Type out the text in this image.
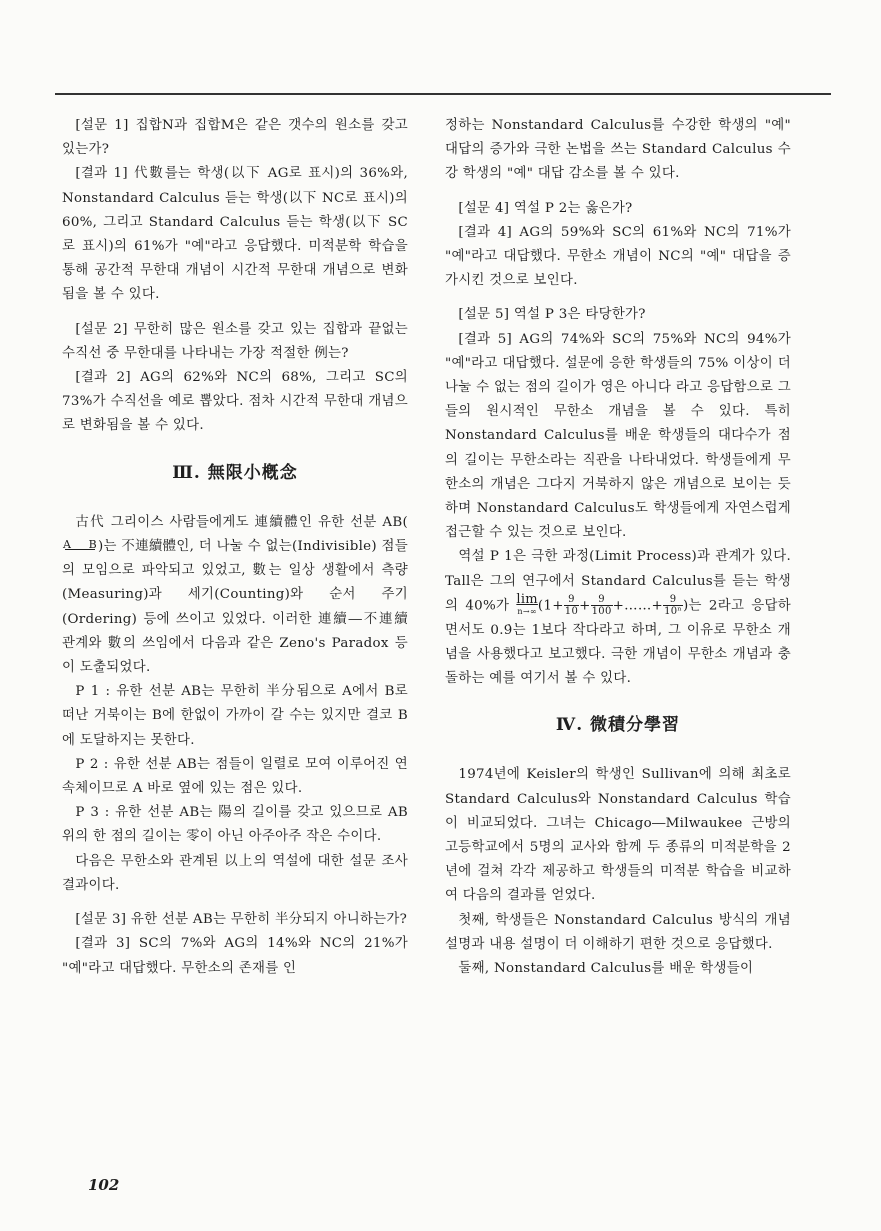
[설문 1] 집합N과 집합M은 같은 갯수의 원소를 갖고 있는가?

[결과 1] 代數를는 학생(以下 AG로 표시)의 36%와, Nonstandard Calculus 듣는 학생(以下 NC로 표시)의 60%, 그리고 Standard Calculus 듣는 학생(以下 SC로 표시)의 61%가 "예"라고 응답했다. 미적분학 학습을 통해 공간적 무한대 개념이 시간적 무한대 개념으로 변화됨을 볼 수 있다.

[설문 2] 무한히 많은 원소를 갖고 있는 집합과 끝없는 수직선 중 무한대를 나타내는 가장 적절한 例는?

[결과 2] AG의 62%와 NC의 68%, 그리고 SC의 73%가 수직선을 예로 뽑았다. 점차 시간적 무한대 개념으로 변화됨을 볼 수 있다.

Ⅲ. 無限小槪念

古代 그리이스 사람들에게도 連續體인 유한 선분 AB(
A B )는 不連續體인, 더 나눌 수 없는(Indivisible) 점들의 모임으로 파악되고 있었고, 數는 일상 생활에서 측량(Measuring)과 세기(Counting)와 순서 주기(Ordering) 등에 쓰이고 있었다. 이러한 連續―不連續 관계와 數의 쓰임에서 다음과 같은 Zeno's Paradox 등이 도출되었다.

P 1 : 유한 선분 AB는 무한히 半分됨으로 A에서 B로 떠난 거북이는 B에 한없이 가까이 갈 수는 있지만 결코 B에 도달하지는 못한다.

P 2 : 유한 선분 AB는 점들이 일렬로 모여 이루어진 연속체이므로 A 바로 옆에 있는 점은 있다.

P 3 : 유한 선분 AB는 陽의 길이를 갖고 있으므로 AB위의 한 점의 길이는 零이 아닌 아주아주 작은 수이다.

다음은 무한소와 관계된 以上의 역설에 대한 설문 조사 결과이다.

[설문 3] 유한 선분 AB는 무한히 半分되지 아니하는가?

[결과 3] SC의 7%와 AG의 14%와 NC의 21%가 "예"라고 대답했다. 무한소의 존재를 인

정하는 Nonstandard Calculus를 수강한 학생의 "예" 대답의 증가와 극한 논법을 쓰는 Standard Calculus 수강 학생의 "예" 대답 감소를 볼 수 있다.

[설문 4] 역설 P 2는 옳은가?

[결과 4] AG의 59%와 SC의 61%와 NC의 71%가 "예"라고 대답했다. 무한소 개념이 NC의 "예" 대답을 증가시킨 것으로 보인다.

[설문 5] 역설 P 3은 타당한가?

[결과 5] AG의 74%와 SC의 75%와 NC의 94%가 "예"라고 대답했다. 설문에 응한 학생들의 75% 이상이 더 나눌 수 없는 점의 길이가 영은 아니다 라고 응답함으로 그들의 원시적인 무한소 개념을 볼 수 있다. 특히 Nonstandard Calculus를 배운 학생들의 대다수가 점의 길이는 무한소라는 직관을 나타내었다. 학생들에게 무한소의 개념은 그다지 거북하지 않은 개념으로 보이는 듯하며 Nonstandard Calculus도 학생들에게 자연스럽게 접근할 수 있는 것으로 보인다.

역설 P 1은 극한 과정(Limit Process)과 관계가 있다. Tall은 그의 연구에서 Standard Calculus를 듣는 학생의 40%가 lim
n→∞ ($1+ \frac{9}{10} + \frac{9}{100}$ +……+ $\frac{9}{\text{10ⁿ}}$ )는 2라고 응답하면서도 0.9̇는 1보다 작다라고 하며, 그 이유로 무한소 개념을 사용했다고 보고했다. 극한 개념이 무한소 개념과 충돌하는 예를 여기서 볼 수 있다.

Ⅳ. 微積分學習

1974년에 Keisler의 학생인 Sullivan에 의해 최초로 Standard Calculus와 Nonstandard Calculus 학습이 비교되었다. 그녀는 Chicago―Milwaukee 근방의 고등학교에서 5명의 교사와 함께 두 종류의 미적분학을 2년에 걸쳐 각각 제공하고 학생들의 미적분 학습을 비교하여 다음의 결과를 얻었다.

첫째, 학생들은 Nonstandard Calculus 방식의 개념 설명과 내용 설명이 더 이해하기 편한 것으로 응답했다.

둘째, Nonstandard Calculus를 배운 학생들이

102
